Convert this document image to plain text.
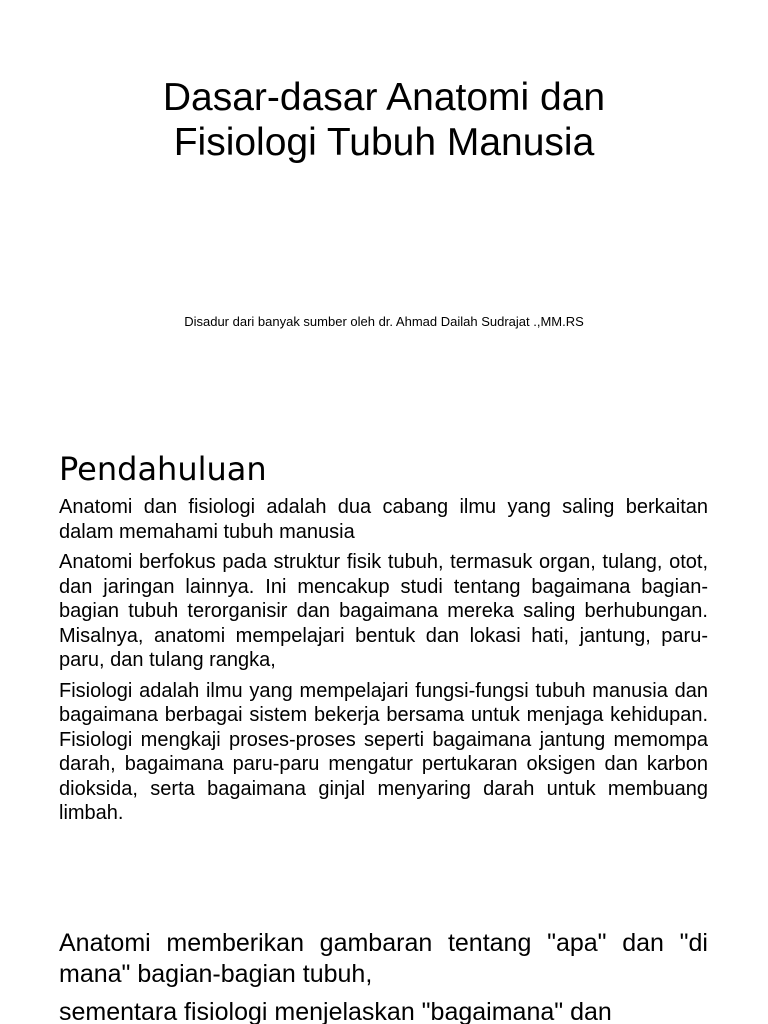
Dasar-dasar Anatomi dan
Fisiologi Tubuh Manusia
Disadur dari banyak sumber oleh dr. Ahmad Dailah Sudrajat .,MM.RS
Pendahuluan

Anatomi dan fisiologi adalah dua cabang ilmu yang saling berkaitan dalam memahami tubuh manusia

Anatomi berfokus pada struktur fisik tubuh, termasuk organ, tulang, otot, dan jaringan lainnya. Ini mencakup studi tentang bagaimana bagian-bagian tubuh terorganisir dan bagaimana mereka saling berhubungan. Misalnya, anatomi mempelajari bentuk dan lokasi hati, jantung, paru-paru, dan tulang rangka,

Fisiologi adalah ilmu yang mempelajari fungsi-fungsi tubuh manusia dan bagaimana berbagai sistem bekerja bersama untuk menjaga kehidupan. Fisiologi mengkaji proses-proses seperti bagaimana jantung memompa darah, bagaimana paru-paru mengatur pertukaran oksigen dan karbon dioksida, serta bagaimana ginjal menyaring darah untuk membuang limbah.

Anatomi memberikan gambaran tentang "apa" dan "di mana" bagian-bagian tubuh,

sementara fisiologi menjelaskan "bagaimana" dan
